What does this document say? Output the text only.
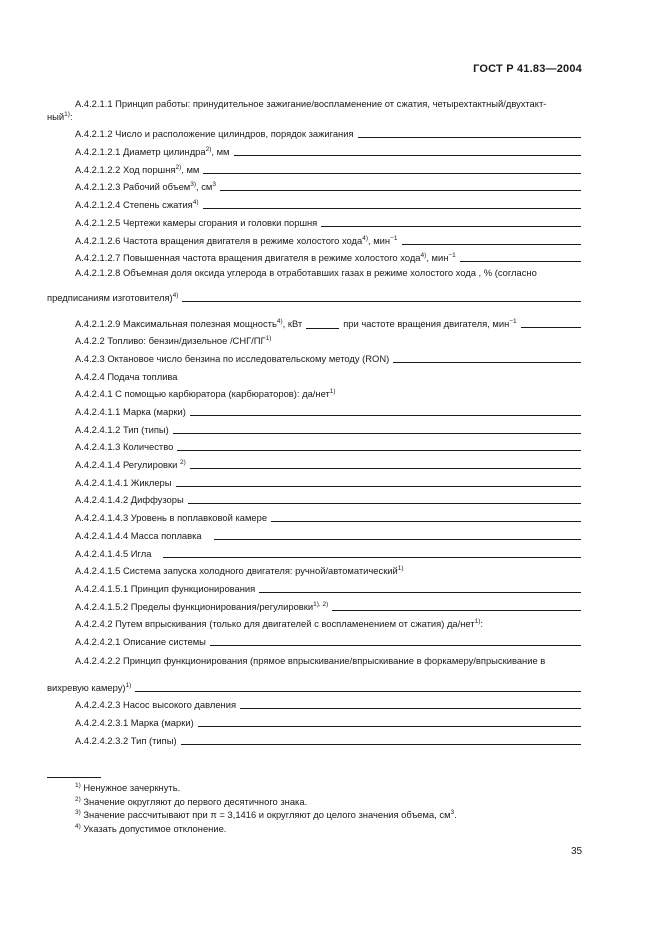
ГОСТ Р 41.83—2004
А.4.2.1.1 Принцип работы: принудительное зажигание/воспламенение от сжатия, четырехтактный/двухтакт-
ный$^{1)}$:
А.4.2.1.2 Число и расположение цилиндров, порядок зажигания
А.4.2.1.2.1 Диаметр цилиндра$^{2)}$, мм
А.4.2.1.2.2 Ход поршня$^{2)}$, мм
А.4.2.1.2.3 Рабочий объем$^{3)}$, $см^3$
А.4.2.1.2.4 Степень сжатия$^{4)}$
А.4.2.1.2.5 Чертежи камеры сгорания и головки поршня
А.4.2.1.2.6 Частота вращения двигателя в режиме холостого хода$^{4)}$, мин$^{-1}$
А.4.2.1.2.7 Повышенная частота вращения двигателя в режиме холостого хода$^{4)}$, мин$^{-1}$
А.4.2.1.2.8 Объемная доля оксида углерода в отработавших газах в режиме холостого хода , % (согласно
предписаниям изготовителя)$^{4)}$
А.4.2.1.2.9 Максимальная полезная мощность$^{4)}$, кВт	при частоте вращения двигателя, мин$^{-1}$
А.4.2.2 Топливо: бензин/дизельное /СНГ/ПГ$^{1)}$
А.4.2.3 Октановое число бензина по исследовательскому методу (RON)
А.4.2.4 Подача топлива
А.4.2.4.1 С помощью карбюратора (карбюраторов): да/нет$^{1)}$
А.4.2.4.1.1 Марка (марки)
А.4.2.4.1.2 Тип (типы)
А.4.2.4.1.3 Количество
А.4.2.4.1.4 Регулировки $^{2)}$
А.4.2.4.1.4.1 Жиклеры
А.4.2.4.1.4.2 Диффузоры
А.4.2.4.1.4.3 Уровень в поплавковой камере
А.4.2.4.1.4.4 Масса поплавка
А.4.2.4.1.4.5 Игла
А.4.2.4.1.5 Система запуска холодного двигателя: ручной/автоматический$^{1)}$
А.4.2.4.1.5.1 Принцип функционирования
А.4.2.4.1.5.2 Пределы функционирования/регулировки$^{1), 2)}$
А.4.2.4.2 Путем впрыскивания (только для двигателей с воспламенением от сжатия) да/нет$^{1)}$:
А.4.2.4.2.1 Описание системы
А.4.2.4.2.2 Принцип функционирования (прямое впрыскивание/впрыскивание в форкамеру/впрыскивание в
вихревую камеру)$^{1)}$
А.4.2.4.2.3 Насос высокого давления
А.4.2.4.2.3.1 Марка (марки)
А.4.2.4.2.3.2 Тип (типы)
$^{1)}$ Ненужное зачеркнуть.
$^{2)}$ Значение округляют до первого десятичного знака.
$^{3)}$ Значение рассчитывают при π = 3,1416 и округляют до целого значения объема, $см^3$.
$^{4)}$ Указать допустимое отклонение.
35
